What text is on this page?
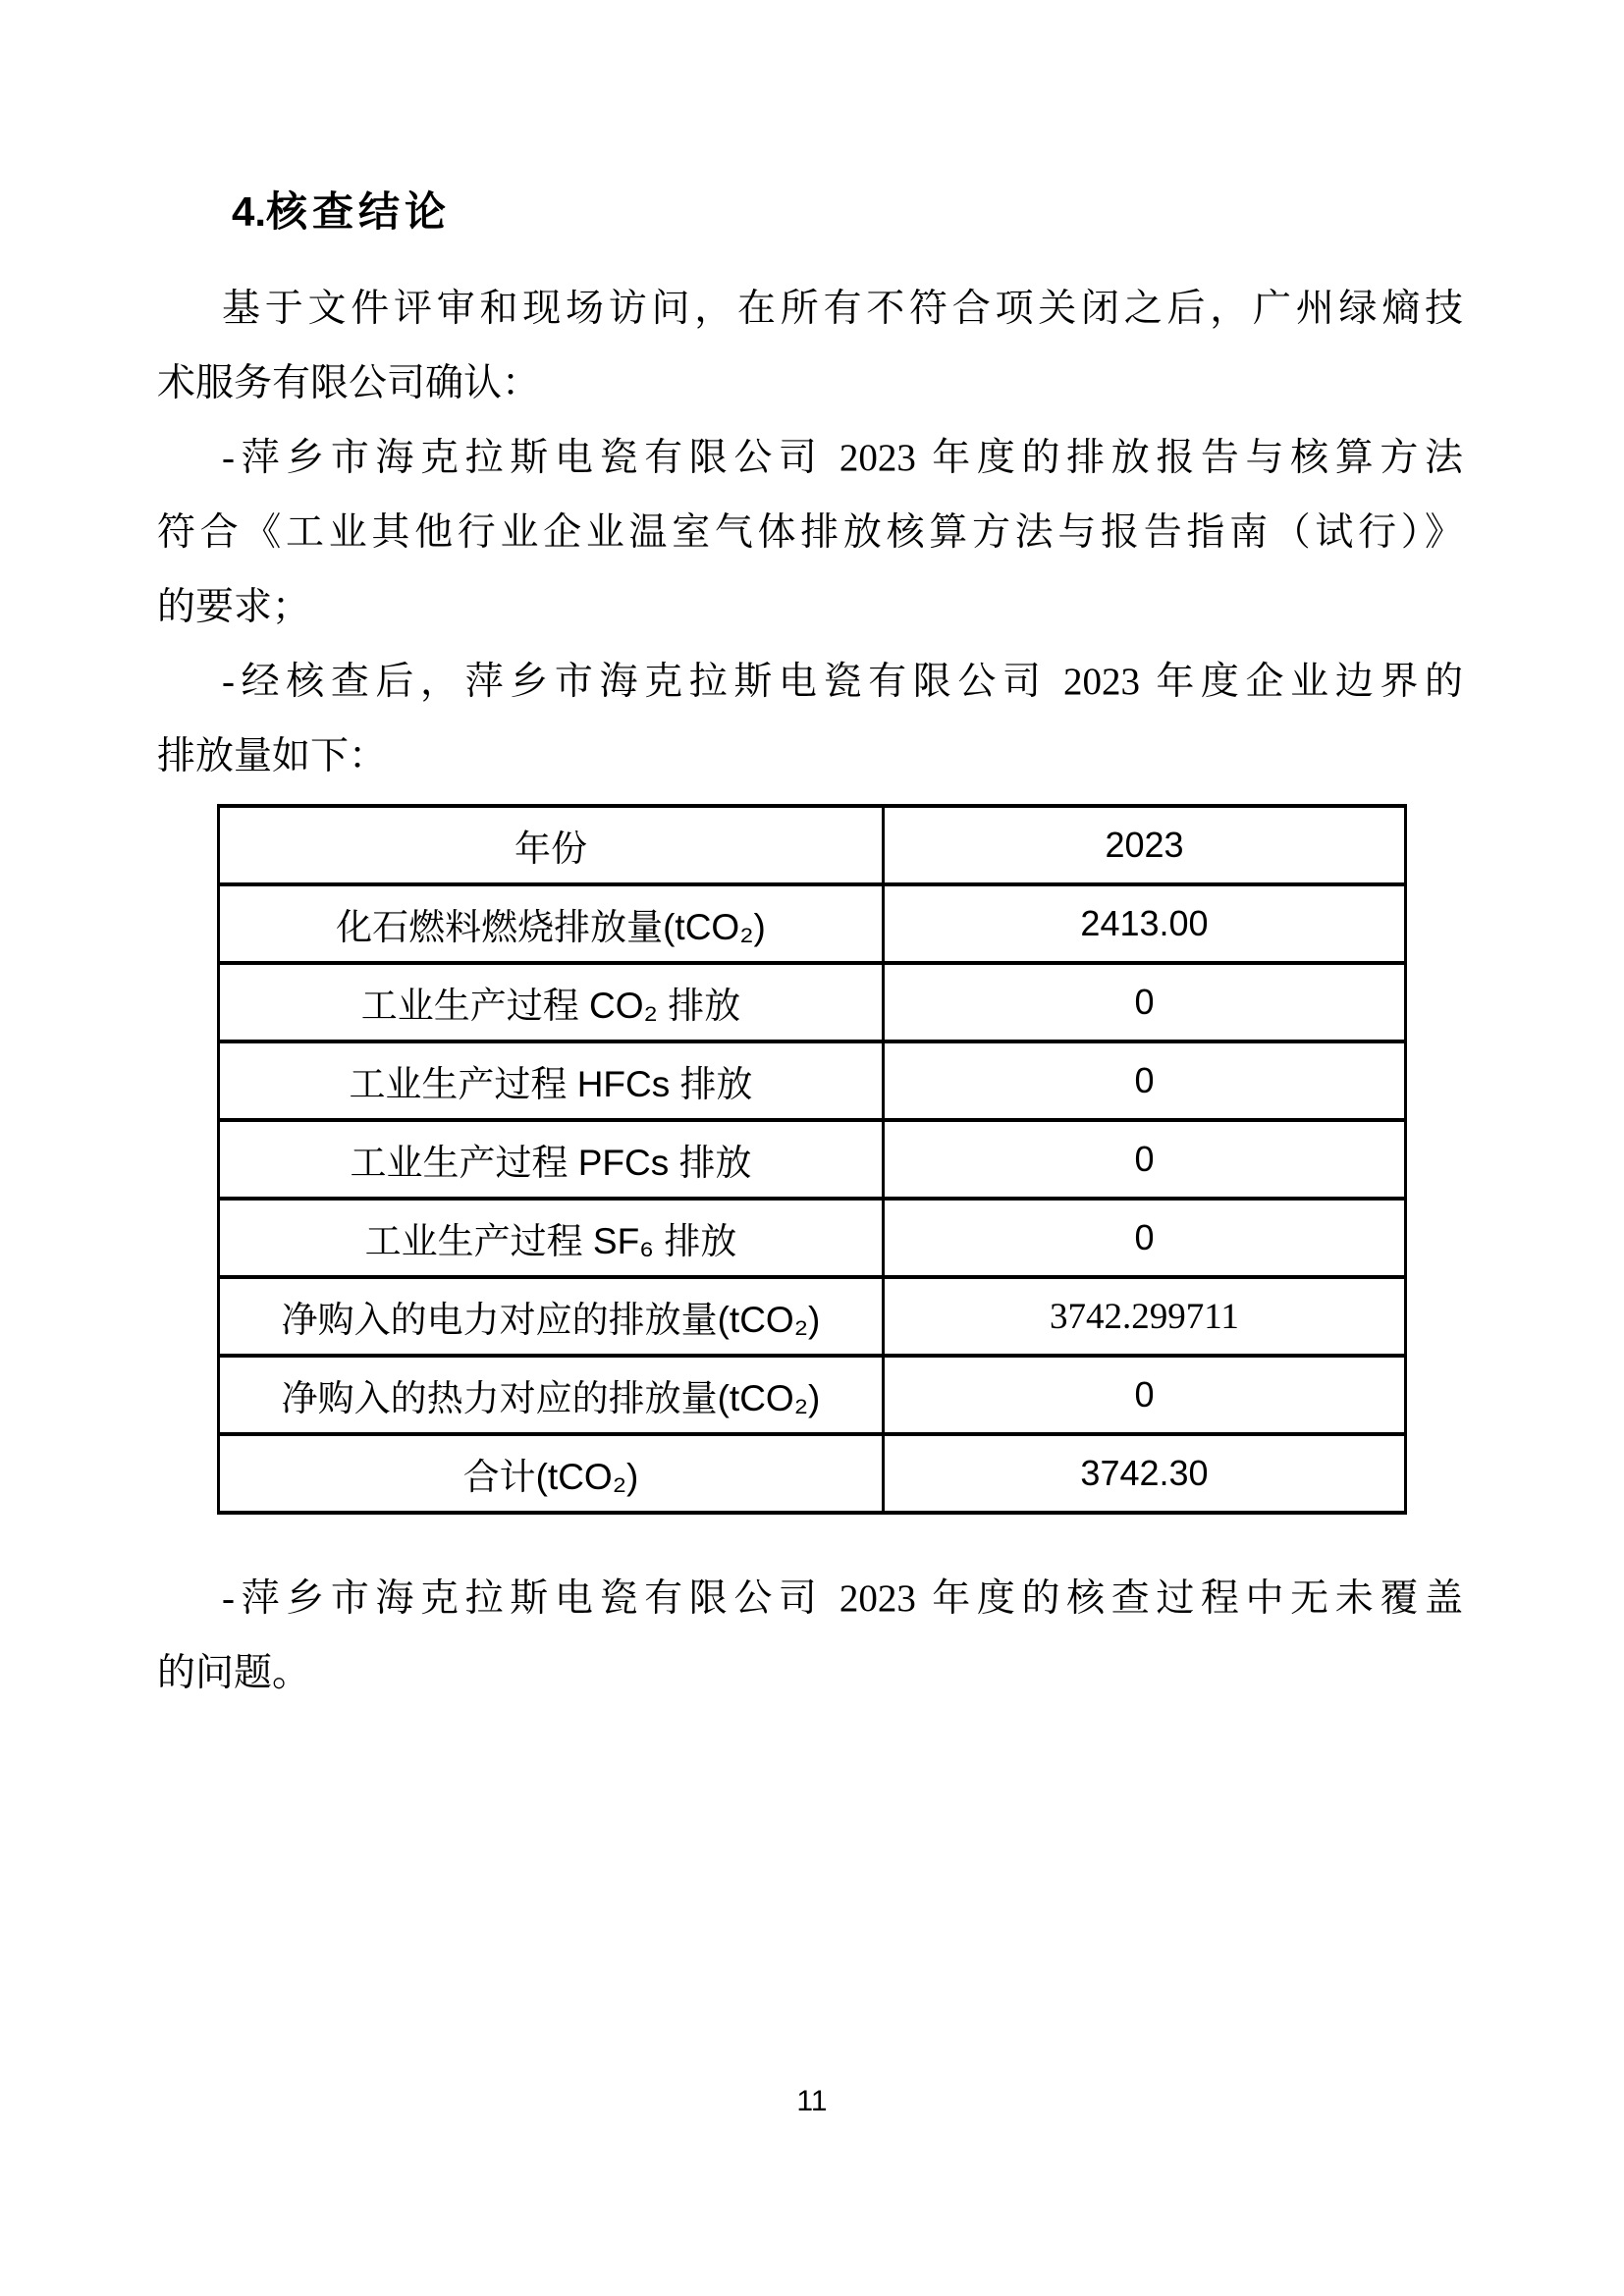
4.核查结论
基于文件评审和现场访问，在所有不符合项关闭之后，广州绿熵技
术服务有限公司确认：
-萍乡市海克拉斯电瓷有限公司 2023 年度的排放报告与核算方法
符合《工业其他行业企业温室气体排放核算方法与报告指南（试行）》
的要求；
-经核查后，萍乡市海克拉斯电瓷有限公司 2023 年度企业边界的
排放量如下：
年份	2023
化石燃料燃烧排放量(tCO₂)	2413.00
工业生产过程 CO₂ 排放	0
工业生产过程 HFCs 排放	0
工业生产过程 PFCs 排放	0
工业生产过程 SF₆ 排放	0
净购入的电力对应的排放量(tCO₂)	3742.299711
净购入的热力对应的排放量(tCO₂)	0
合计(tCO₂)	3742.30
-萍乡市海克拉斯电瓷有限公司 2023 年度的核查过程中无未覆盖
的问题。
11
